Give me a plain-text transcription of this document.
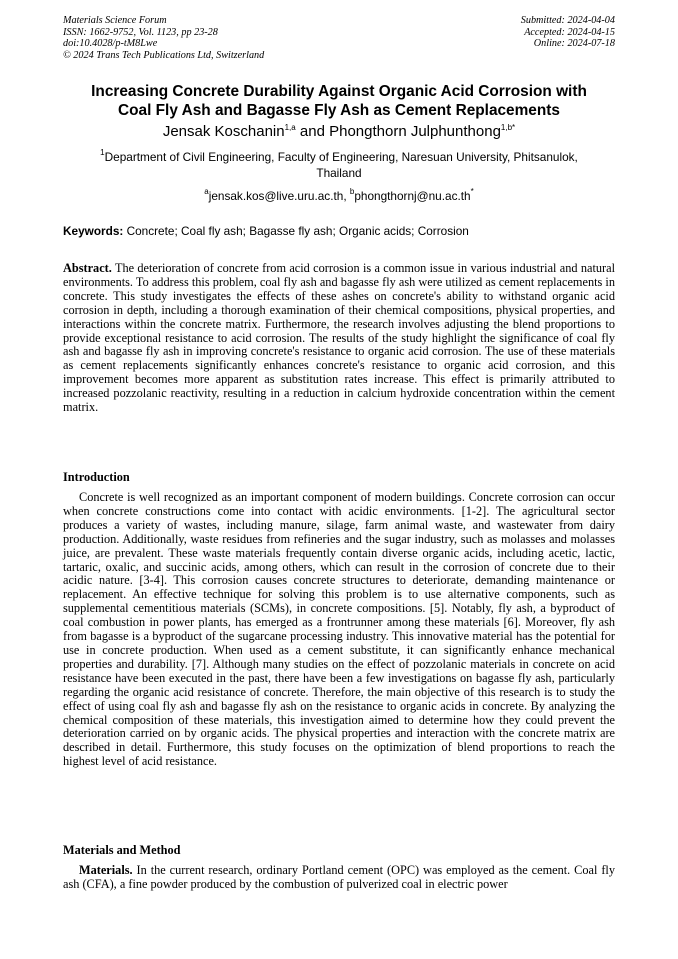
Materials Science Forum
ISSN: 1662-9752, Vol. 1123, pp 23-28
doi:10.4028/p-tM8Lwe
© 2024 Trans Tech Publications Ltd, Switzerland
Submitted: 2024-04-04
Accepted: 2024-04-15
Online: 2024-07-18
Increasing Concrete Durability Against Organic Acid Corrosion with
Coal Fly Ash and Bagasse Fly Ash as Cement Replacements
Jensak Koschanin$^{1,a}$ and Phongthorn Julphunthong$^{1,b*}$
$^1$Department of Civil Engineering, Faculty of Engineering, Naresuan University, Phitsanulok, Thailand
$^a$jensak.kos@live.uru.ac.th, $^b$phongthornj@nu.ac.th*
Keywords: Concrete; Coal fly ash; Bagasse fly ash; Organic acids; Corrosion
Abstract. The deterioration of concrete from acid corrosion is a common issue in various industrial and natural environments. To address this problem, coal fly ash and bagasse fly ash were utilized as cement replacements in concrete. This study investigates the effects of these ashes on concrete's ability to withstand organic acid corrosion in depth, including a thorough examination of their chemical compositions, physical properties, and interactions within the concrete matrix. Furthermore, the research involves adjusting the blend proportions to provide exceptional resistance to acid corrosion. The results of the study highlight the significance of coal fly ash and bagasse fly ash in improving concrete's resistance to organic acid corrosion. The use of these materials as cement replacements significantly enhances concrete's resistance to organic acid corrosion, and this improvement becomes more apparent as substitution rates increase. This effect is primarily attributed to increased pozzolanic reactivity, resulting in a reduction in calcium hydroxide concentration within the cement matrix.
Introduction
Concrete is well recognized as an important component of modern buildings. Concrete corrosion can occur when concrete constructions come into contact with acidic environments. [1-2]. The agricultural sector produces a variety of wastes, including manure, silage, farm animal waste, and wastewater from dairy production. Additionally, waste residues from refineries and the sugar industry, such as molasses and molasses juice, are prevalent. These waste materials frequently contain diverse organic acids, including acetic, lactic, tartaric, oxalic, and succinic acids, among others, which can result in the corrosion of concrete due to their acidic nature. [3-4]. This corrosion causes concrete structures to deteriorate, demanding maintenance or replacement. An effective technique for solving this problem is to use alternative components, such as supplemental cementitious materials (SCMs), in concrete compositions. [5]. Notably, fly ash, a byproduct of coal combustion in power plants, has emerged as a frontrunner among these materials [6]. Moreover, fly ash from bagasse is a byproduct of the sugarcane processing industry. This innovative material has the potential for use in concrete production. When used as a cement substitute, it can significantly enhance mechanical properties and durability. [7]. Although many studies on the effect of pozzolanic materials in concrete on acid resistance have been executed in the past, there have been a few investigations on bagasse fly ash, particularly regarding the organic acid resistance of concrete. Therefore, the main objective of this research is to study the effect of using coal fly ash and bagasse fly ash on the resistance to organic acids in concrete. By analyzing the chemical composition of these materials, this investigation aimed to determine how they could prevent the deterioration carried on by organic acids. The physical properties and interaction with the concrete matrix are described in detail. Furthermore, this study focuses on the optimization of blend proportions to reach the highest level of acid resistance.
Materials and Method
Materials. In the current research, ordinary Portland cement (OPC) was employed as the cement. Coal fly ash (CFA), a fine powder produced by the combustion of pulverized coal in electric power
